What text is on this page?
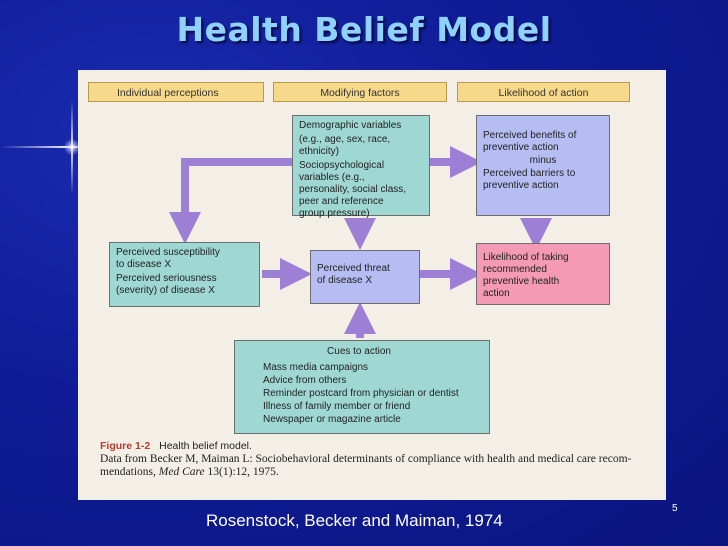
Health Belief Model
Individual perceptions	Modifying factors	Likelihood of action

Demographic variables

(e.g., age, sex, race,

ethnicity)

Sociopsychological
variables (e.g.,
personality, social class,
peer and reference
group pressure)
Perceived benefits of
preventive action
minus
Perceived barriers to
preventive action
Perceived susceptibility

to disease X

Perceived seriousness
(severity) of disease X
Perceived threat
of disease X
Likelihood of taking
recommended
preventive health
action
Cues to action
Mass media campaigns
Advice from others
Reminder postcard from physician or dentist
Illness of family member or friend
Newspaper or magazine article
Figure 1-2 Health belief model.
Data from Becker M, Maiman L: Sociobehavioral determinants of compliance with health and medical care recom-
mendations, Med Care 13(1):12, 1975.
5
Rosenstock, Becker and Maiman, 1974
